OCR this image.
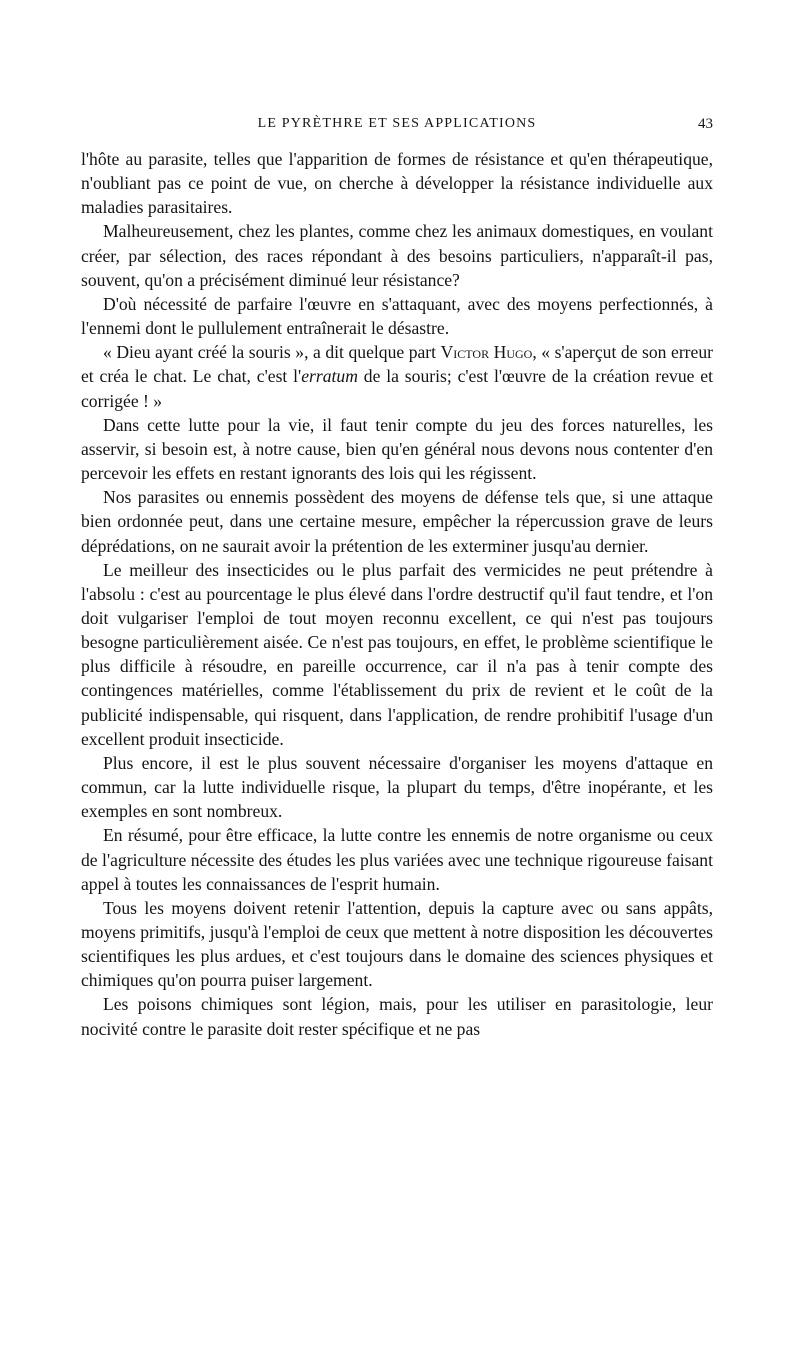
LE PYRÈTHRE ET SES APPLICATIONS	43

l'hôte au parasite, telles que l'apparition de formes de résistance et qu'en thérapeutique, n'oubliant pas ce point de vue, on cherche à développer la résistance individuelle aux maladies parasitaires.

Malheureusement, chez les plantes, comme chez les animaux domestiques, en voulant créer, par sélection, des races répondant à des besoins particuliers, n'apparaît-il pas, souvent, qu'on a précisément diminué leur résistance?

D'où nécessité de parfaire l'œuvre en s'attaquant, avec des moyens perfectionnés, à l'ennemi dont le pullulement entraînerait le désastre.

« Dieu ayant créé la souris », a dit quelque part Victor Hugo, « s'aperçut de son erreur et créa le chat. Le chat, c'est l'erratum de la souris; c'est l'œuvre de la création revue et corrigée ! »

Dans cette lutte pour la vie, il faut tenir compte du jeu des forces naturelles, les asservir, si besoin est, à notre cause, bien qu'en général nous devons nous contenter d'en percevoir les effets en restant ignorants des lois qui les régissent.

Nos parasites ou ennemis possèdent des moyens de défense tels que, si une attaque bien ordonnée peut, dans une certaine mesure, empêcher la répercussion grave de leurs déprédations, on ne saurait avoir la prétention de les exterminer jusqu'au dernier.

Le meilleur des insecticides ou le plus parfait des vermicides ne peut prétendre à l'absolu : c'est au pourcentage le plus élevé dans l'ordre destructif qu'il faut tendre, et l'on doit vulgariser l'emploi de tout moyen reconnu excellent, ce qui n'est pas toujours besogne particulièrement aisée. Ce n'est pas toujours, en effet, le problème scientifique le plus difficile à résoudre, en pareille occurrence, car il n'a pas à tenir compte des contingences matérielles, comme l'établissement du prix de revient et le coût de la publicité indispensable, qui risquent, dans l'application, de rendre prohibitif l'usage d'un excellent produit insecticide.

Plus encore, il est le plus souvent nécessaire d'organiser les moyens d'attaque en commun, car la lutte individuelle risque, la plupart du temps, d'être inopérante, et les exemples en sont nombreux.

En résumé, pour être efficace, la lutte contre les ennemis de notre organisme ou ceux de l'agriculture nécessite des études les plus variées avec une technique rigoureuse faisant appel à toutes les connaissances de l'esprit humain.

Tous les moyens doivent retenir l'attention, depuis la capture avec ou sans appâts, moyens primitifs, jusqu'à l'emploi de ceux que mettent à notre disposition les découvertes scientifiques les plus ardues, et c'est toujours dans le domaine des sciences physiques et chimiques qu'on pourra puiser largement.

Les poisons chimiques sont légion, mais, pour les utiliser en parasitologie, leur nocivité contre le parasite doit rester spécifique et ne pas
